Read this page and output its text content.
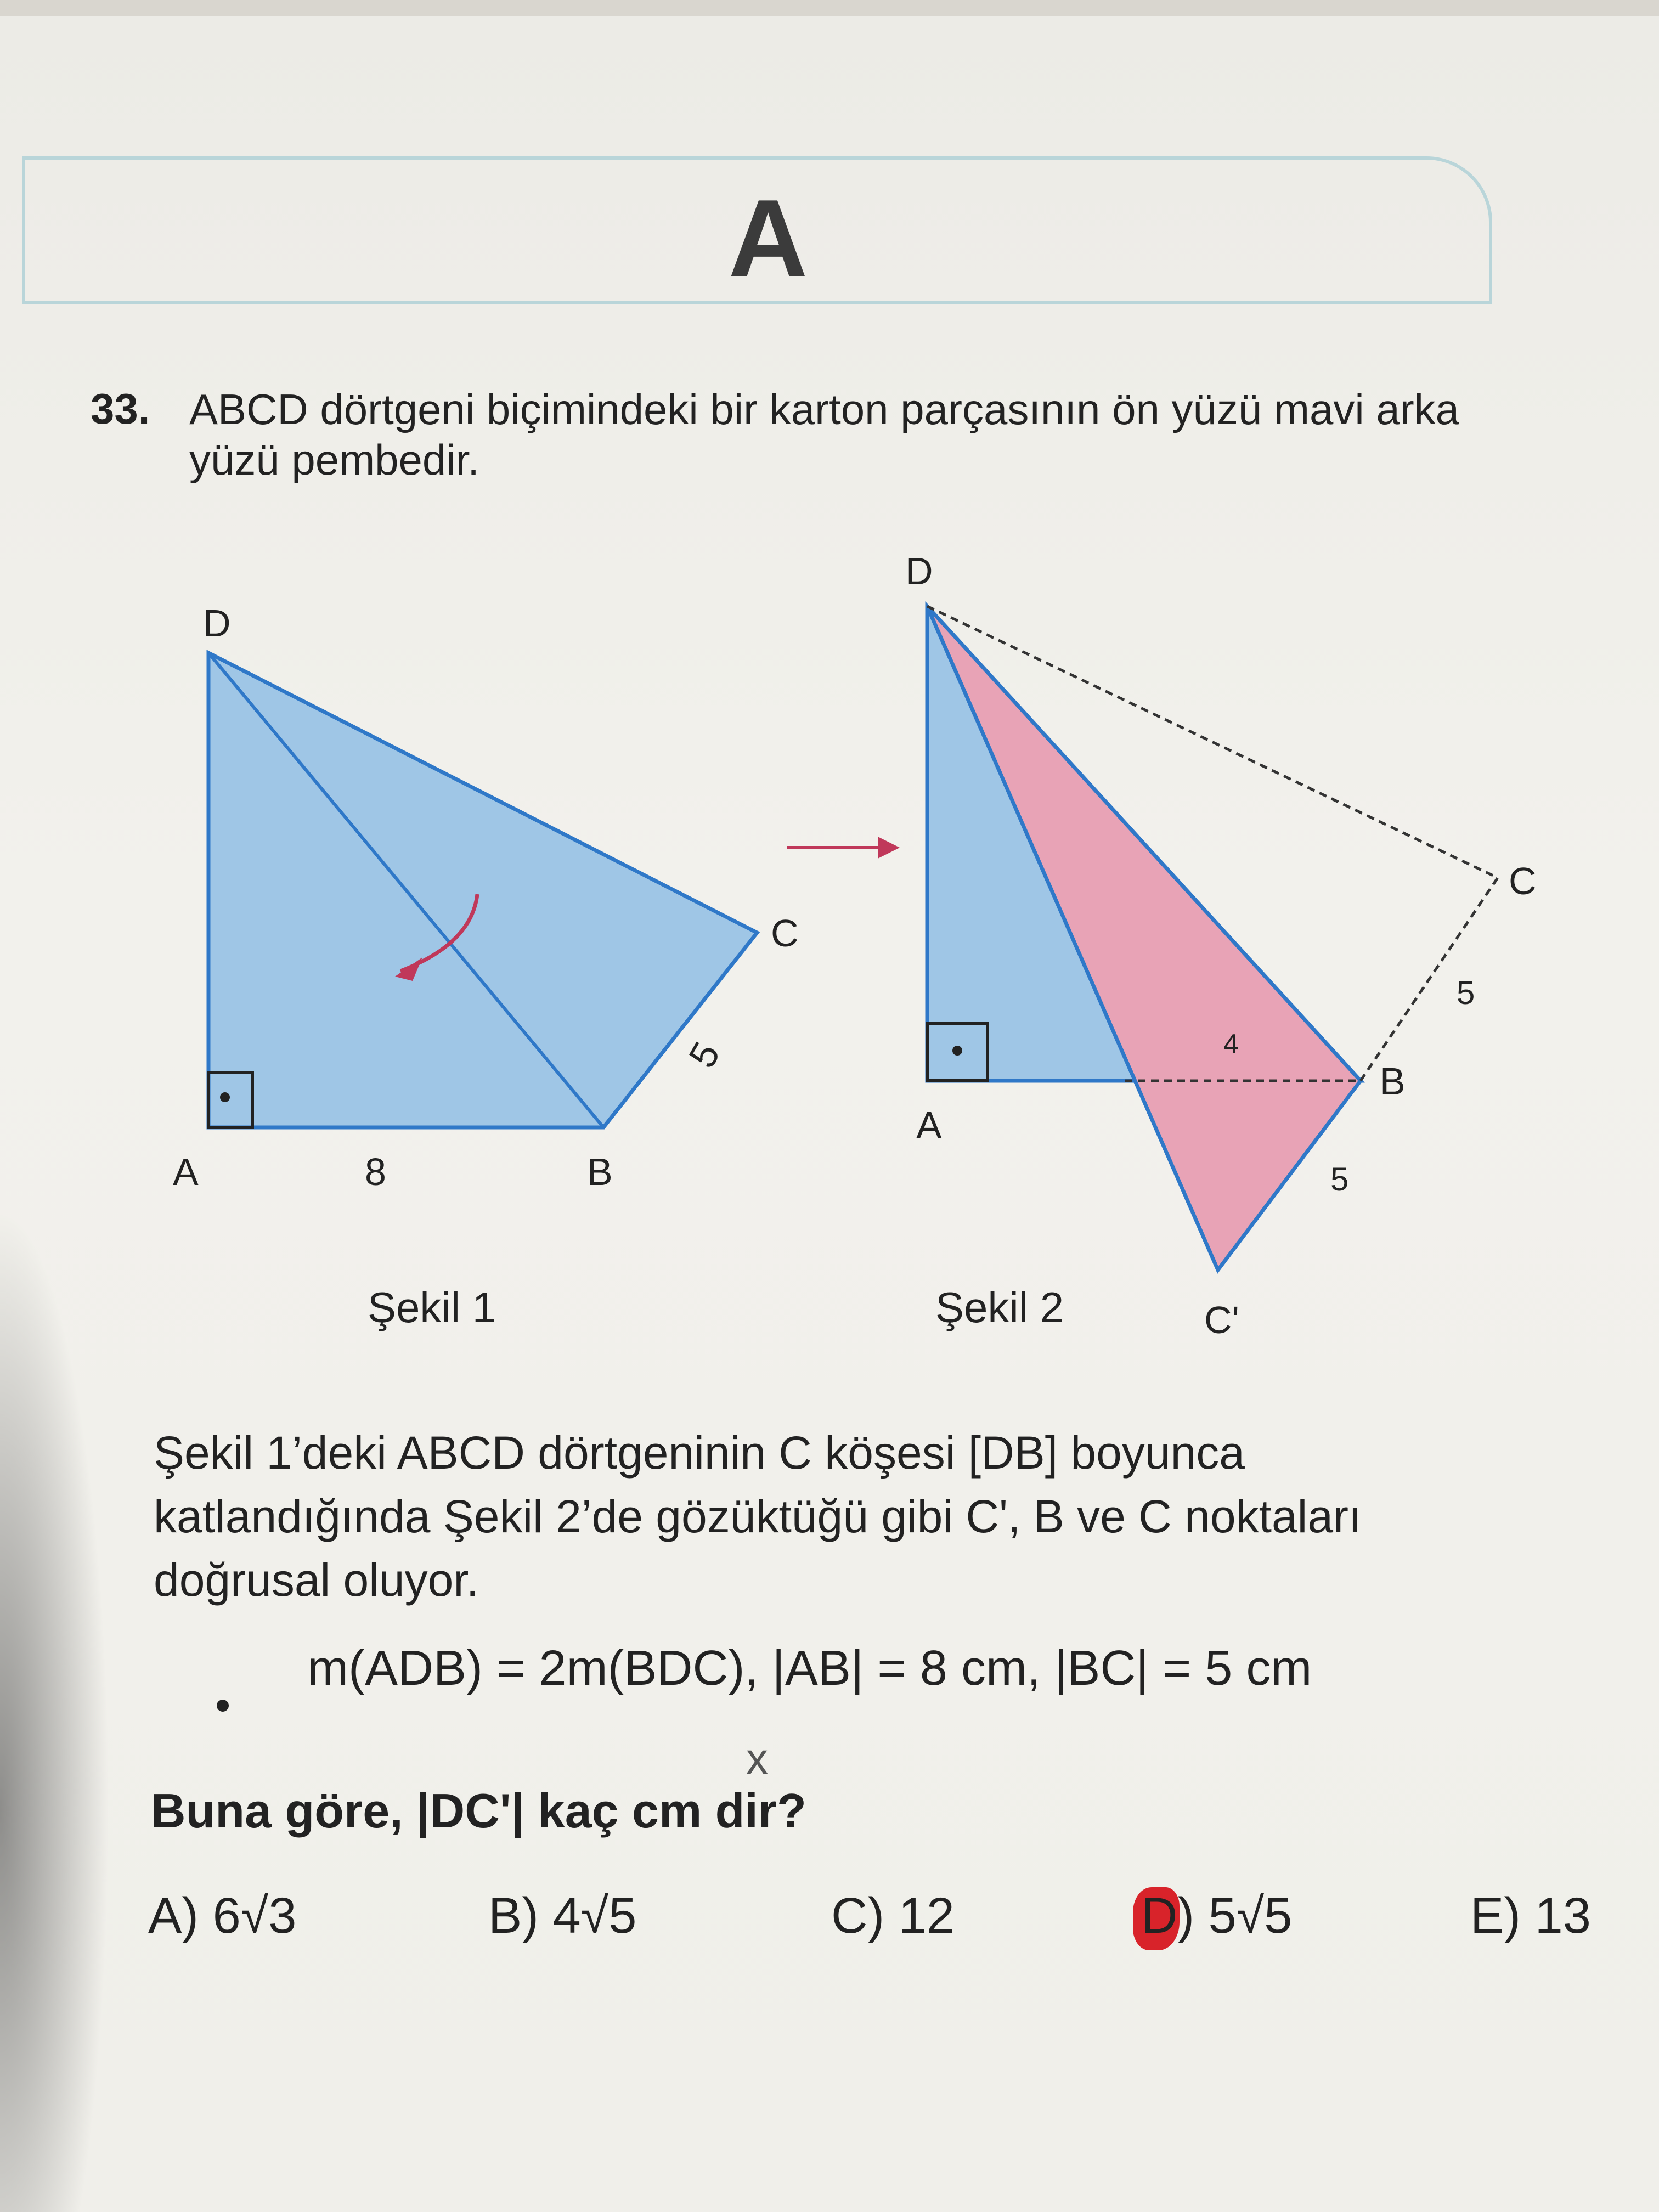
A
33. ABCD dörtgeni biçimindeki bir karton parçasının ön yüzü mavi arka yüzü pembedir.
D
A	8	B
C
5
Şekil 1
D
A
B
C
C'
4
5
5
Şekil 2
Şekil 1’deki ABCD dörtgeninin C köşesi [DB] boyunca katlandığında Şekil 2’de gözüktüğü gibi C', B ve C noktaları doğrusal oluyor.
m(ADB) = 2m(BDC), |AB| = 8 cm, |BC| = 5 cm
x
Buna göre, |DC'| kaç cm dir?
A) 6√3	B) 4√5	C) 12	D) 5√5	E) 13
